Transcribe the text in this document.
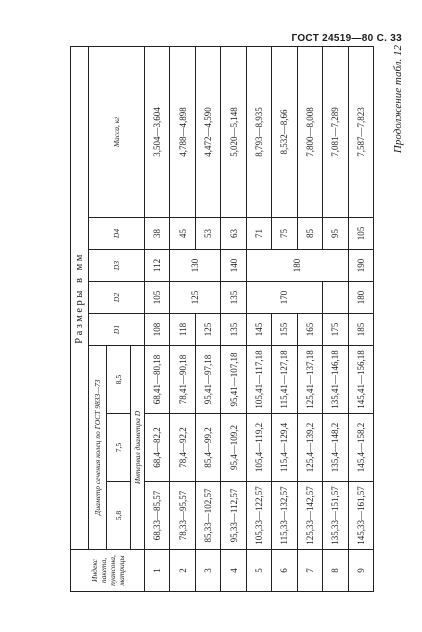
ГОСТ 24519—80 С. 33
Индекс пакета, пуансона, матрицы	Размеры в мм							
	Диаметр сечения колец по ГОСТ 9833—73			D1	D2	D3	D4	Масса, кг
	5,8	7,5	8,5					
	Интервал диаметра D							
1	68,33—85,57	68,4—82,2	68,41—80,18	108	105	112	38	3,504—3,604
2	78,33—95,57	78,4—92,2	78,41—90,18	118	125	130	45	4,788—4,898
3	85,33—102,57	85,4—99,2	95,41—97,18	125			53	4,472—4,590
4	95,33—112,57	95,4—109,2	95,41—107,18	135	135	140	63	5,020—5,148
5	105,33—122,57	105,4—119,2	105,41—117,18	145	170	180	71	8,793—8,935
6	115,33—132,57	115,4—129,4	115,41—127,18	155			75	8,532—8,66
7	125,33—142,57	125,4—139,2	125,41—137,18	165			85	7,800—8,008
8	135,33—151,57	135,4—148,2	135,41—146,18	175			95	7,081—7,289
9	145,33—161,57	145,4—158,2	145,41—156,18	185	180	190	105	7,587—7,823 Продолжение табл. 12
